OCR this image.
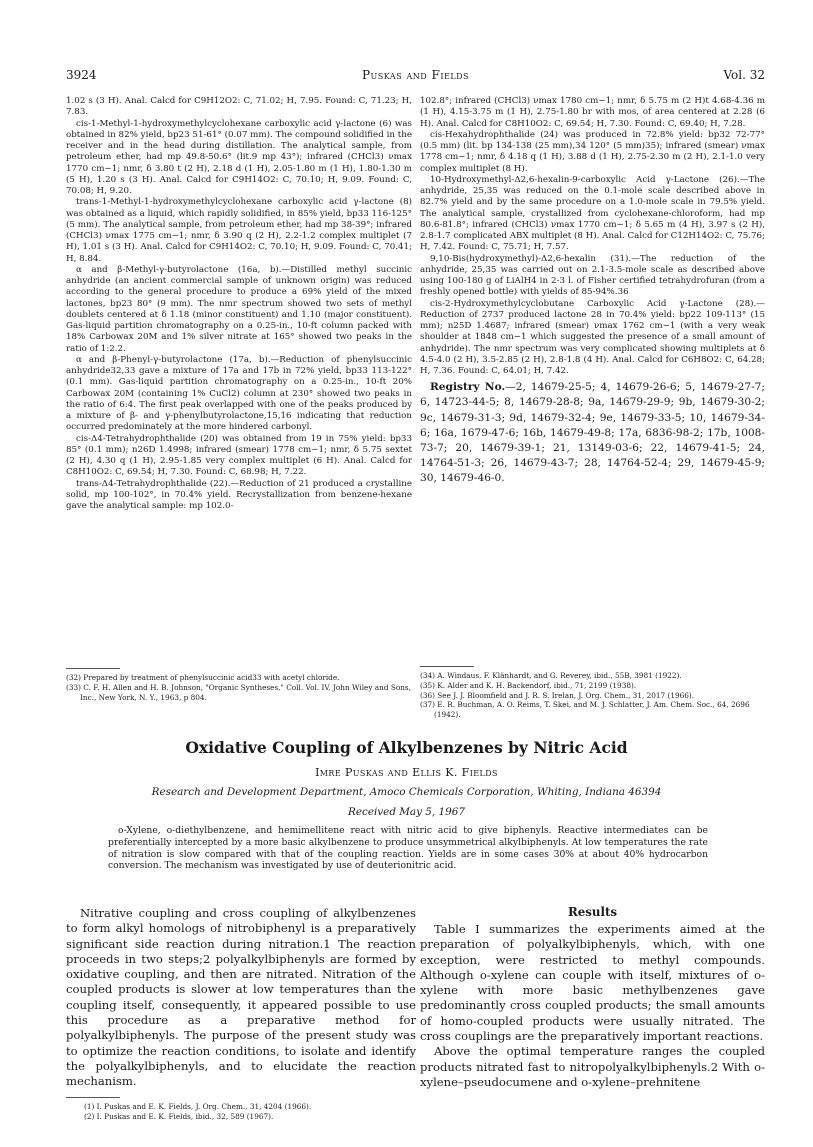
3924	Puskas and Fields	Vol. 32

1.02 s (3 H). Anal. Calcd for C9H12O2: C, 71.02; H, 7.95. Found: C, 71.23; H, 7.83.

cis-1-Methyl-1-hydroxymethylcyclohexane carboxylic acid γ-lactone (6) was obtained in 82% yield, bp23 51-61° (0.07 mm). The compound solidified in the receiver and in the head during distillation. The analytical sample, from petroleum ether, had mp 49.8-50.6° (lit.9 mp 43°); infrared (CHCl3) νmax 1770 cm−1; nmr, δ 3.80 t (2 H), 2.18 d (1 H), 2.05-1.80 m (1 H), 1.80-1.30 m (5 H), 1.20 s (3 H). Anal. Calcd for C9H14O2: C, 70.10; H, 9.09. Found: C, 70.08; H, 9.20.

trans-1-Methyl-1-hydroxymethylcyclohexane carboxylic acid γ-lactone (8) was obtained as a liquid, which rapidly solidified, in 85% yield, bp33 116-125° (5 mm). The analytical sample, from petroleum ether, had mp 38-39°; infrared (CHCl3) νmax 1775 cm−1; nmr, δ 3.90 q (2 H), 2.2-1.2 complex multiplet (7 H), 1.01 s (3 H). Anal. Calcd for C9H14O2: C, 70.10; H, 9.09. Found: C, 70.41; H, 8.84.

α and β-Methyl-γ-butyrolactone (16a, b).—Distilled methyl succinic anhydride (an ancient commercial sample of unknown origin) was reduced according to the general procedure to produce a 69% yield of the mixed lactones, bp23 80° (9 mm). The nmr spectrum showed two sets of methyl doublets centered at δ 1.18 (minor constituent) and 1.10 (major constituent). Gas-liquid partition chromatography on a 0.25-in., 10-ft column packed with 18% Carbowax 20M and 1% silver nitrate at 165° showed two peaks in the ratio of 1:2.2.

α and β-Phenyl-γ-butyrolactone (17a, b).—Reduction of phenylsuccinic anhydride32,33 gave a mixture of 17a and 17b in 72% yield, bp33 113-122° (0.1 mm). Gas-liquid partition chromatography on a 0.25-in., 10-ft 20% Carbowax 20M (containing 1% CuCl2) column at 230° showed two peaks in the ratio of 6:4. The first peak overlapped with one of the peaks produced by a mixture of β- and γ-phenylbutyrolactone,15,16 indicating that reduction occurred predominately at the more hindered carbonyl.

cis-Δ4-Tetrahydrophthalide (20) was obtained from 19 in 75% yield: bp33 85° (0.1 mm); n26D 1.4998; infrared (smear) 1778 cm−1; nmr, δ 5.75 sextet (2 H), 4.30 q (1 H), 2.95-1.85 very complex multiplet (6 H). Anal. Calcd for C8H10O2: C, 69.54; H, 7.30. Found: C, 68.98; H, 7.22.

trans-Δ4-Tetrahydrophthalide (22).—Reduction of 21 produced a crystalline solid, mp 100-102°, in 70.4% yield. Recrystallization from benzene-hexane gave the analytical sample: mp 102.0-

(32) Prepared by treatment of phenylsuccinic acid33 with acetyl chloride.

(33) C. F. H. Allen and H. B. Johnson, "Organic Syntheses," Coll. Vol. IV, John Wiley and Sons, Inc., New York, N. Y., 1963, p 804.

102.8°; infrared (CHCl3) νmax 1780 cm−1; nmr, δ 5.75 m (2 H)t 4.68-4.36 m (1 H), 4.15-3.75 m (1 H), 2.75-1.80 br with mos, of area centered at 2.28 (6 H). Anal. Calcd for C8H10O2: C, 69.54; H, 7.30. Found: C, 69.40; H, 7.28.

cis-Hexahydrophthalide (24) was produced in 72.8% yield: bp32 72-77° (0.5 mm) (lit. bp 134-138 (25 mm),34 120° (5 mm)35); infrared (smear) νmax 1778 cm−1; nmr, δ 4.18 q (1 H), 3.88 d (1 H), 2.75-2.30 m (2 H), 2.1-1.0 very complex multiplet (8 H).

10-Hydroxymethyl-Δ2,6-hexalin-9-carboxylic Acid γ-Lactone (26).—The anhydride, 25,35 was reduced on the 0.1-mole scale described above in 82.7% yield and by the same procedure on a 1.0-mole scale in 79.5% yield. The analytical sample, crystallized from cyclohexane-chloroform, had mp 80.6-81.8°; infrared (CHCl3) νmax 1770 cm−1; δ 5.65 m (4 H), 3.97 s (2 H), 2.8-1.7 complicated ABX multiplet (8 H). Anal. Calcd for C12H14O2: C, 75.76; H, 7.42. Found: C, 75.71; H, 7.57.

9,10-Bis(hydroxymethyl)-Δ2,6-hexalin (31).—The reduction of the anhydride, 25,35 was carried out on 2.1-3.5-mole scale as described above using 100-180 g of LiAlH4 in 2-3 l. of Fisher certified tetrahydrofuran (from a freshly opened bottle) with yields of 85-94%.36

cis-2-Hydroxymethylcyclobutane Carboxylic Acid γ-Lactone (28).—Reduction of 2737 produced lactone 28 in 70.4% yield: bp22 109-113° (15 mm); n25D 1.4687; infrared (smear) νmax 1762 cm−1 (with a very weak shoulder at 1848 cm−1 which suggested the presence of a small amount of anhydride). The nmr spectrum was very complicated showing multiplets at δ 4.5-4.0 (2 H), 3.5-2.85 (2 H), 2.8-1.8 (4 H). Anal. Calcd for C6H8O2: C, 64.28; H, 7.36. Found: C, 64.01; H, 7.42.

Registry No.—2, 14679-25-5; 4, 14679-26-6; 5, 14679-27-7; 6, 14723-44-5; 8, 14679-28-8; 9a, 14679-29-9; 9b, 14679-30-2; 9c, 14679-31-3; 9d, 14679-32-4; 9e, 14679-33-5; 10, 14679-34-6; 16a, 1679-47-6; 16b, 14679-49-8; 17a, 6836-98-2; 17b, 1008-73-7; 20, 14679-39-1; 21, 13149-03-6; 22, 14679-41-5; 24, 14764-51-3; 26, 14679-43-7; 28, 14764-52-4; 29, 14679-45-9; 30, 14679-46-0.

(34) A. Windaus, F. Klänhardt, and G. Reverey, ibid., 55B, 3981 (1922).

(35) K. Alder and K. H. Backendorf, ibid., 71, 2199 (1938).

(36) See J. J. Bloomfield and J. R. S. Irelan, J. Org. Chem., 31, 2017 (1966).

(37) E. R. Buchman, A. O. Reims, T. Skei, and M. J. Schlatter, J. Am. Chem. Soc., 64, 2696 (1942).

Oxidative Coupling of Alkylbenzenes by Nitric Acid
Imre Puskas and Ellis K. Fields
Research and Development Department, Amoco Chemicals Corporation, Whiting, Indiana 46394
Received May 5, 1967
o-Xylene, o-diethylbenzene, and hemimellitene react with nitric acid to give biphenyls. Reactive intermediates can be preferentially intercepted by a more basic alkylbenzene to produce unsymmetrical alkylbiphenyls. At low temperatures the rate of nitration is slow compared with that of the coupling reaction. Yields are in some cases 30% at about 40% hydrocarbon conversion. The mechanism was investigated by use of deuterionitric acid.

Nitrative coupling and cross coupling of alkylbenzenes to form alkyl homologs of nitrobiphenyl is a preparatively significant side reaction during nitration.1 The reaction proceeds in two steps;2 polyalkylbiphenyls are formed by oxidative coupling, and then are nitrated. Nitration of the coupled products is slower at low temperatures than the coupling itself, consequently, it appeared possible to use this procedure as a preparative method for polyalkylbiphenyls. The purpose of the present study was to optimize the reaction conditions, to isolate and identify the polyalkylbiphenyls, and to elucidate the reaction mechanism.

(1) I. Puskas and E. K. Fields, J. Org. Chem., 31, 4204 (1966).

(2) I. Puskas and E. K. Fields, ibid., 32, 589 (1967).

Results

Table I summarizes the experiments aimed at the preparation of polyalkylbiphenyls, which, with one exception, were restricted to methyl compounds. Although o-xylene can couple with itself, mixtures of o-xylene with more basic methylbenzenes gave predominantly cross coupled products; the small amounts of homo-coupled products were usually nitrated. The cross couplings are the preparatively important reactions.

Above the optimal temperature ranges the coupled products nitrated fast to nitropolyalkylbiphenyls.2 With o-xylene–pseudocumene and o-xylene–prehnitene
